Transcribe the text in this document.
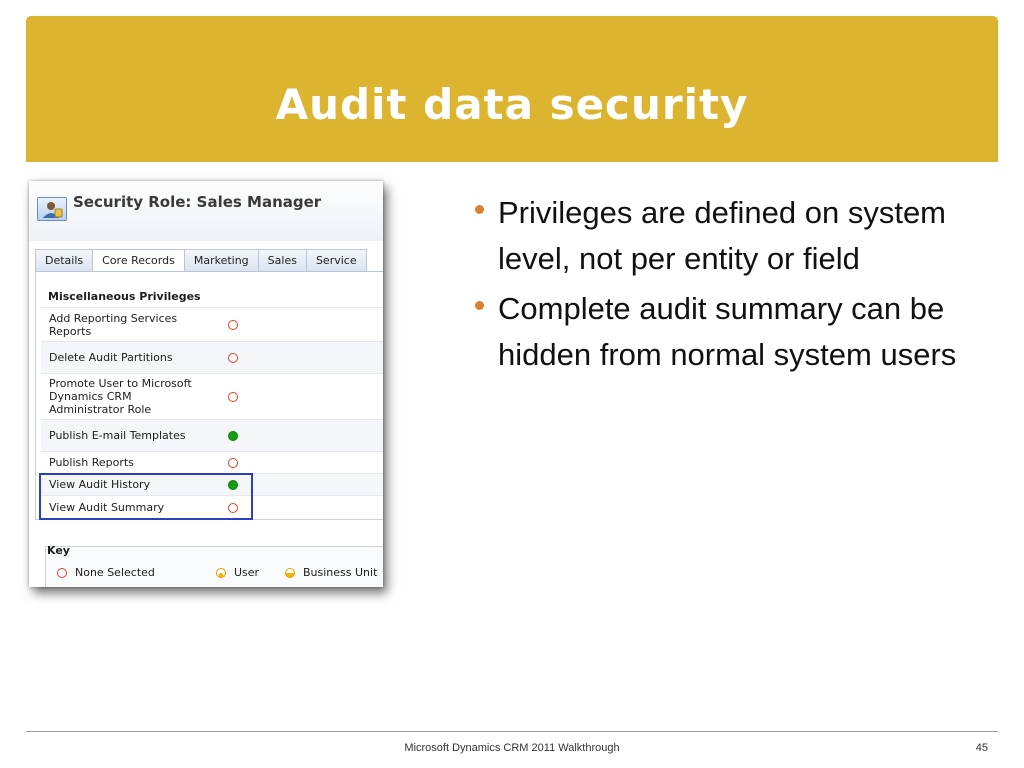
Audit data security
Security Role: Sales Manager
Details	Core Records	Marketing	Sales	Service
Miscellaneous Privileges
Add Reporting Services Reports
Delete Audit Partitions
Promote User to Microsoft Dynamics CRM Administrator Role
Publish E-mail Templates
Publish Reports
View Audit History
View Audit Summary
Key
None Selected	User	Business Unit
Privileges are defined on system level, not per entity or field
Complete audit summary can be hidden from normal system users
Microsoft Dynamics CRM 2011 Walkthrough	45
